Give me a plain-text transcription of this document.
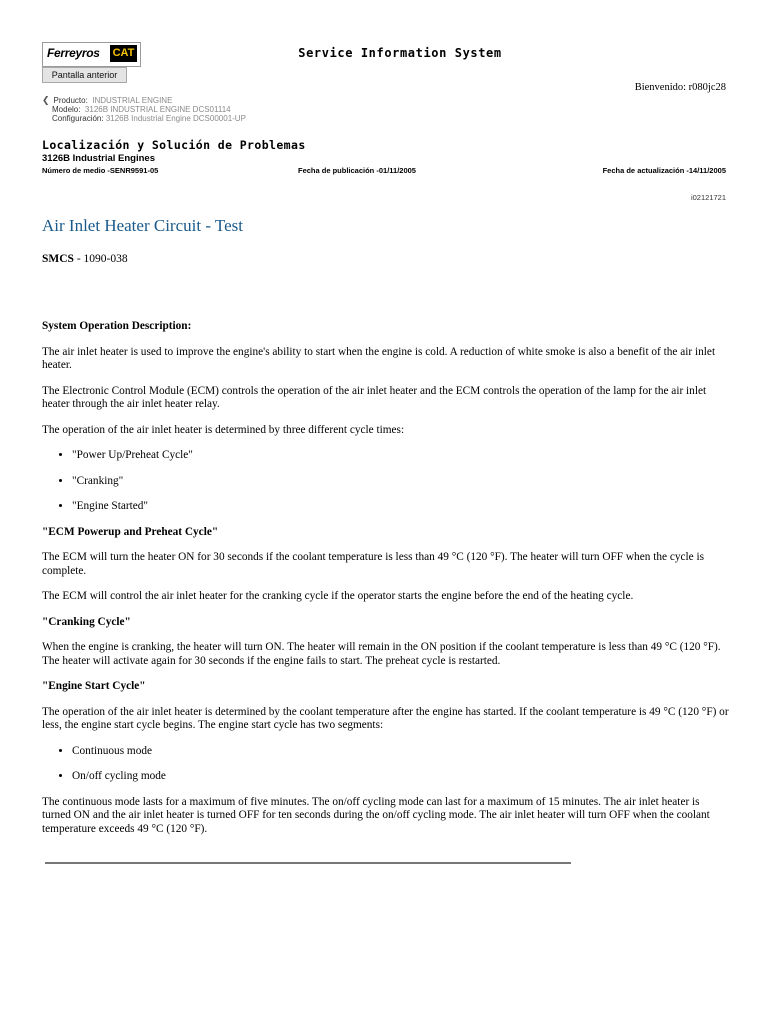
Ferreyros CAT
Pantalla anterior
Service Information System
Bienvenido: r080jc28
❮ Producto: INDUSTRIAL ENGINE
Modelo: 3126B INDUSTRIAL ENGINE DCS01114
Configuración: 3126B Industrial Engine DCS00001-UP
Localización y Solución de Problemas
3126B Industrial Engines
Número de medio -SENR9591-05	Fecha de publicación -01/11/2005	Fecha de actualización -14/11/2005
i02121721
Air Inlet Heater Circuit - Test
SMCS - 1090-038

System Operation Description:

The air inlet heater is used to improve the engine's ability to start when the engine is cold. A reduction of white smoke is also a benefit of the air inlet heater.

The Electronic Control Module (ECM) controls the operation of the air inlet heater and the ECM controls the operation of the lamp for the air inlet heater through the air inlet heater relay.

The operation of the air inlet heater is determined by three different cycle times:

• "Power Up/Preheat Cycle"
• "Cranking"
• "Engine Started"

"ECM Powerup and Preheat Cycle"

The ECM will turn the heater ON for 30 seconds if the coolant temperature is less than 49 °C (120 °F). The heater will turn OFF when the cycle is complete.

The ECM will control the air inlet heater for the cranking cycle if the operator starts the engine before the end of the heating cycle.

"Cranking Cycle"

When the engine is cranking, the heater will turn ON. The heater will remain in the ON position if the coolant temperature is less than 49 °C (120 °F). The heater will activate again for 30 seconds if the engine fails to start. The preheat cycle is restarted.

"Engine Start Cycle"

The operation of the air inlet heater is determined by the coolant temperature after the engine has started. If the coolant temperature is 49 °C (120 °F) or less, the engine start cycle begins. The engine start cycle has two segments:

• Continuous mode
• On/off cycling mode

The continuous mode lasts for a maximum of five minutes. The on/off cycling mode can last for a maximum of 15 minutes. The air inlet heater is turned ON and the air inlet heater is turned OFF for ten seconds during the on/off cycling mode. The air inlet heater will turn OFF when the coolant temperature exceeds 49 °C (120 °F).
